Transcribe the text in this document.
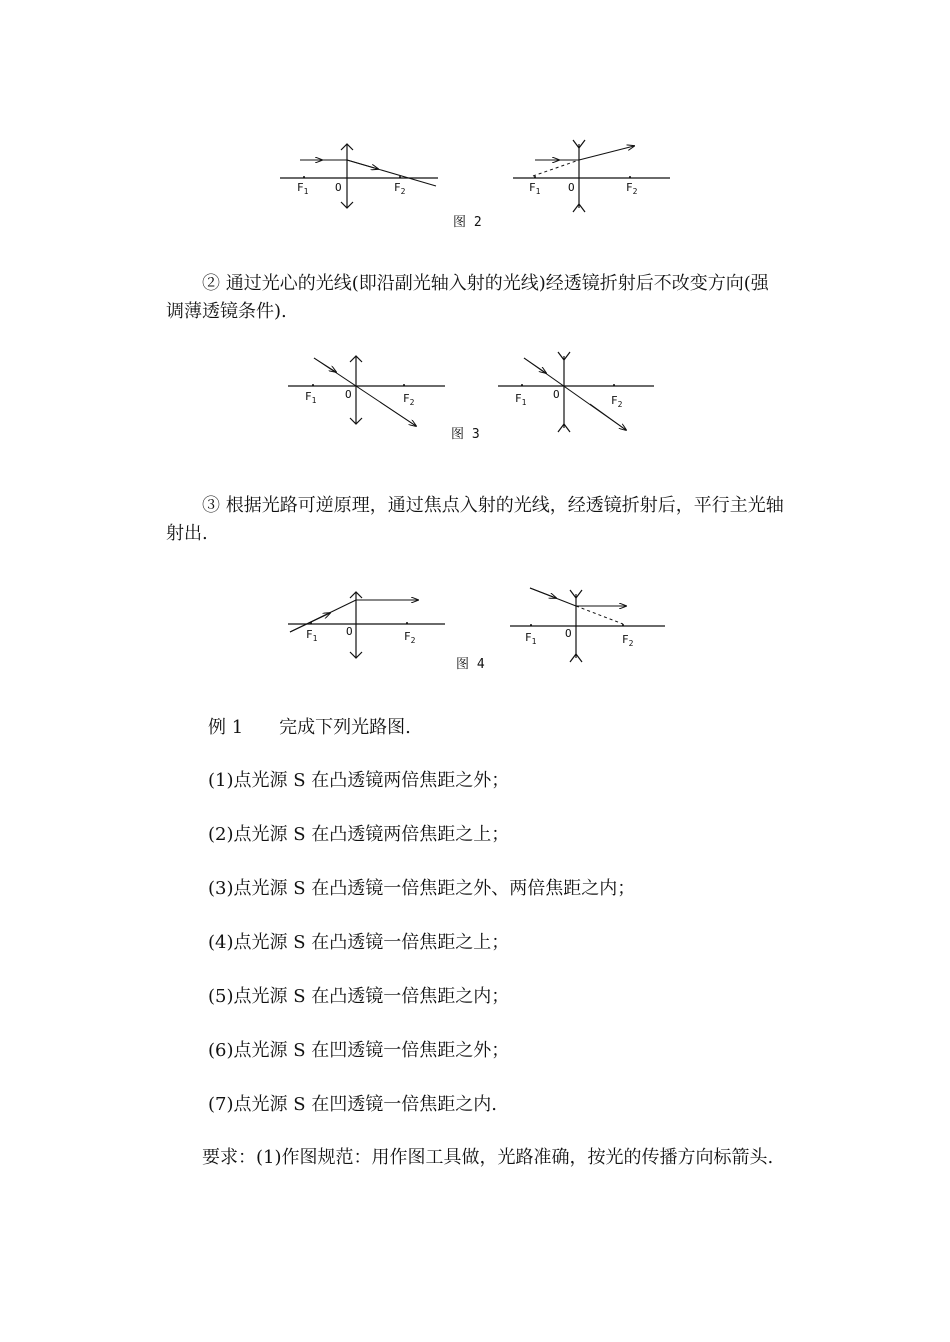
$F_1$ O	$F_2$	$F_1$	O	$F_2$
图 2

② 通过光心的光线(即沿副光轴入射的光线)经透镜折射后不改变方向(强调薄透镜条件).

$F_1$	O	$F_2$	$F_1$
O	$F_2$
图 3

③ 根据光路可逆原理，通过焦点入射的光线，经透镜折射后，平行主光轴射出.

$F_1$
O	$F_2$	$F_1$
O	$F_2$
图 4

例 1　　完成下列光路图.

(1)点光源 S 在凸透镜两倍焦距之外；

(2)点光源 S 在凸透镜两倍焦距之上；

(3)点光源 S 在凸透镜一倍焦距之外、两倍焦距之内；

(4)点光源 S 在凸透镜一倍焦距之上；

(5)点光源 S 在凸透镜一倍焦距之内；

(6)点光源 S 在凹透镜一倍焦距之外；

(7)点光源 S 在凹透镜一倍焦距之内.

要求：(1)作图规范：用作图工具做，光路准确，按光的传播方向标箭头.
